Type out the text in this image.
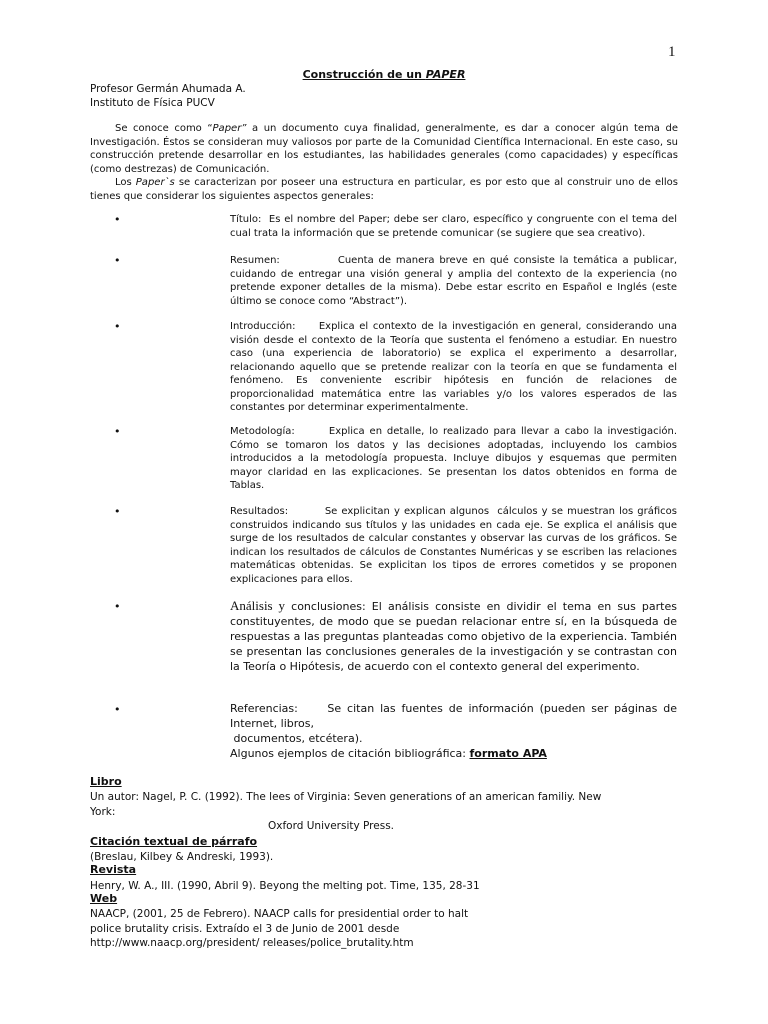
1
Construcción de un PAPER
Profesor Germán Ahumada A.
Instituto de Física PUCV

Se conoce como “Paper” a un documento cuya finalidad, generalmente, es dar a conocer algún tema de Investigación. Éstos se consideran muy valiosos por parte de la Comunidad Científica Internacional. En este caso, su construcción pretende desarrollar en los estudiantes, las habilidades generales (como capacidades) y específicas (como destrezas) de Comunicación.

Los Paper`s se caracterizan por poseer una estructura en particular, es por esto que al construir uno de ellos tienes que considerar los siguientes aspectos generales:

•	Título:  Es el nombre del Paper; debe ser claro, específico y congruente con el tema del cual trata la información que se pretende comunicar (se sugiere que sea creativo).
•	Resumen:            Cuenta de manera breve en qué consiste la temática a publicar, cuidando de entregar una visión general y amplia del contexto de la experiencia (no pretende exponer detalles de la misma). Debe estar escrito en Español e Inglés (este último se conoce como “Abstract”).
•	Introducción:     Explica el contexto de la investigación en general, considerando una visión desde el contexto de la Teoría que sustenta el fenómeno a estudiar. En nuestro caso (una experiencia de laboratorio) se explica el experimento a desarrollar, relacionando aquello que se pretende realizar con la teoría en que se fundamenta el fenómeno. Es conveniente escribir hipótesis en función de relaciones de proporcionalidad matemática entre las variables y/o los valores esperados de las constantes por determinar experimentalmente.
•	Metodología:       Explica en detalle, lo realizado para llevar a cabo la investigación. Cómo se tomaron los datos y las decisiones adoptadas, incluyendo los cambios introducidos a la metodología propuesta. Incluye dibujos y esquemas que permiten mayor claridad en las explicaciones. Se presentan los datos obtenidos en forma de Tablas.
•	Resultados:         Se explicitan y explican algunos  cálculos y se muestran los gráficos construidos indicando sus títulos y las unidades en cada eje. Se explica el análisis que surge de los resultados de calcular constantes y observar las curvas de los gráficos. Se indican los resultados de cálculos de Constantes Numéricas y se escriben las relaciones matemáticas obtenidas. Se explicitan los tipos de errores cometidos y se proponen explicaciones para ellos.
•	Análisis y conclusiones: El análisis consiste en dividir el tema en sus partes constituyentes, de modo que se puedan relacionar entre sí, en la búsqueda de respuestas a las preguntas planteadas como objetivo de la experiencia. También se presentan las conclusiones generales de la investigación y se contrastan con la Teoría o Hipótesis, de acuerdo con el contexto general del experimento.
•	Referencias:     Se citan las fuentes de información (pueden ser páginas de Internet, libros,

documentos, etcétera).

Algunos ejemplos de citación bibliográfica: formato APA

Libro

Un autor: Nagel, P. C. (1992). The lees of Virginia: Seven generations of an american familiy. New

York:

Oxford University Press.

Citación textual de párrafo
(Breslau, Kilbey & Andreski, 1993).
Revista
Henry, W. A., III. (1990, Abril 9). Beyong the melting pot. Time, 135, 28-31
Web

NAACP, (2001, 25 de Febrero). NAACP calls for presidential order to halt

police brutality crisis. Extraído el 3 de Junio de 2001 desde

http://www.naacp.org/president/ releases/police_brutality.htm
